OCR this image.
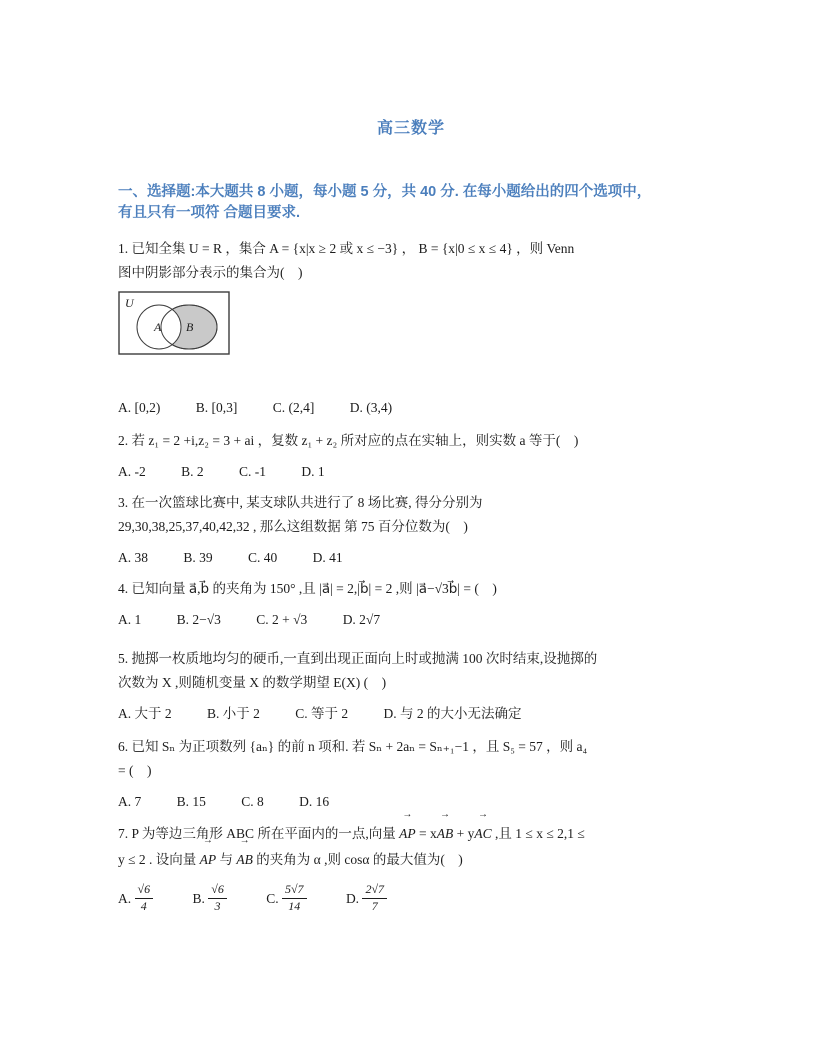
高三数学
一、选择题:本大题共 8 小题，每小题 5 分，共 40 分. 在每小题给出的四个选项中，
有且只有一项符 合题目要求.

1. 已知全集 U = R ，集合 A = {x|x ≥ 2 或 x ≤ −3} ， B = {x|0 ≤ x ≤ 4} ，则 Venn

图中阴影部分表示的集合为(　)

U
A B

A. [0,2)	B. [0,3]	C. (2,4]	D. (3,4)

2. 若 z₁ = 2 +i,z₂ = 3 + ai ，复数 z₁ + z₂ 所对应的点在实轴上，则实数 a 等于(　)

A. -2	B. 2	C. -1	D. 1

3. 在一次篮球比赛中, 某支球队共进行了 8 场比赛, 得分分别为

29,30,38,25,37,40,42,32 , 那么这组数据 第 75 百分位数为(　)

A. 38	B. 39	C. 40	D. 41

4. 已知向量 a⃗,b⃗ 的夹角为 150° ,且 |a⃗| = 2,|b⃗| = 2 ,则 |a⃗−√3b⃗| = (　)

A. 1	B. 2−√3	C. 2 + √3	D. 2√7

5. 抛掷一枚质地均匀的硬币,一直到出现正面向上时或抛满 100 次时结束,设抛掷的

次数为 X ,则随机变量 X 的数学期望 E(X) (　)

A. 大于 2	B. 小于 2	C. 等于 2	D. 与 2 的大小无法确定

6. 已知 Sₙ 为正项数列 {aₙ} 的前 n 项和. 若 Sₙ + 2aₙ = Sₙ₊₁−1 ，且 S₅ = 57 ，则 a₄

= (　)

A. 7	B. 15	C. 8	D. 16

7. P 为等边三角形 ABC 所在平面内的一点,向量 AP → = xAB → + yAC → ,且 1 ≤ x ≤ 2,1 ≤

y ≤ 2 . 设向量 AP → 与 AB → 的夹角为 α ,则 cosα 的最大值为(　)

A. $\frac{√6}{4}$	B. $\frac{√6}{3}$	C. $\frac{5√7}{14}$	D. $\frac{2√7}{7}$
